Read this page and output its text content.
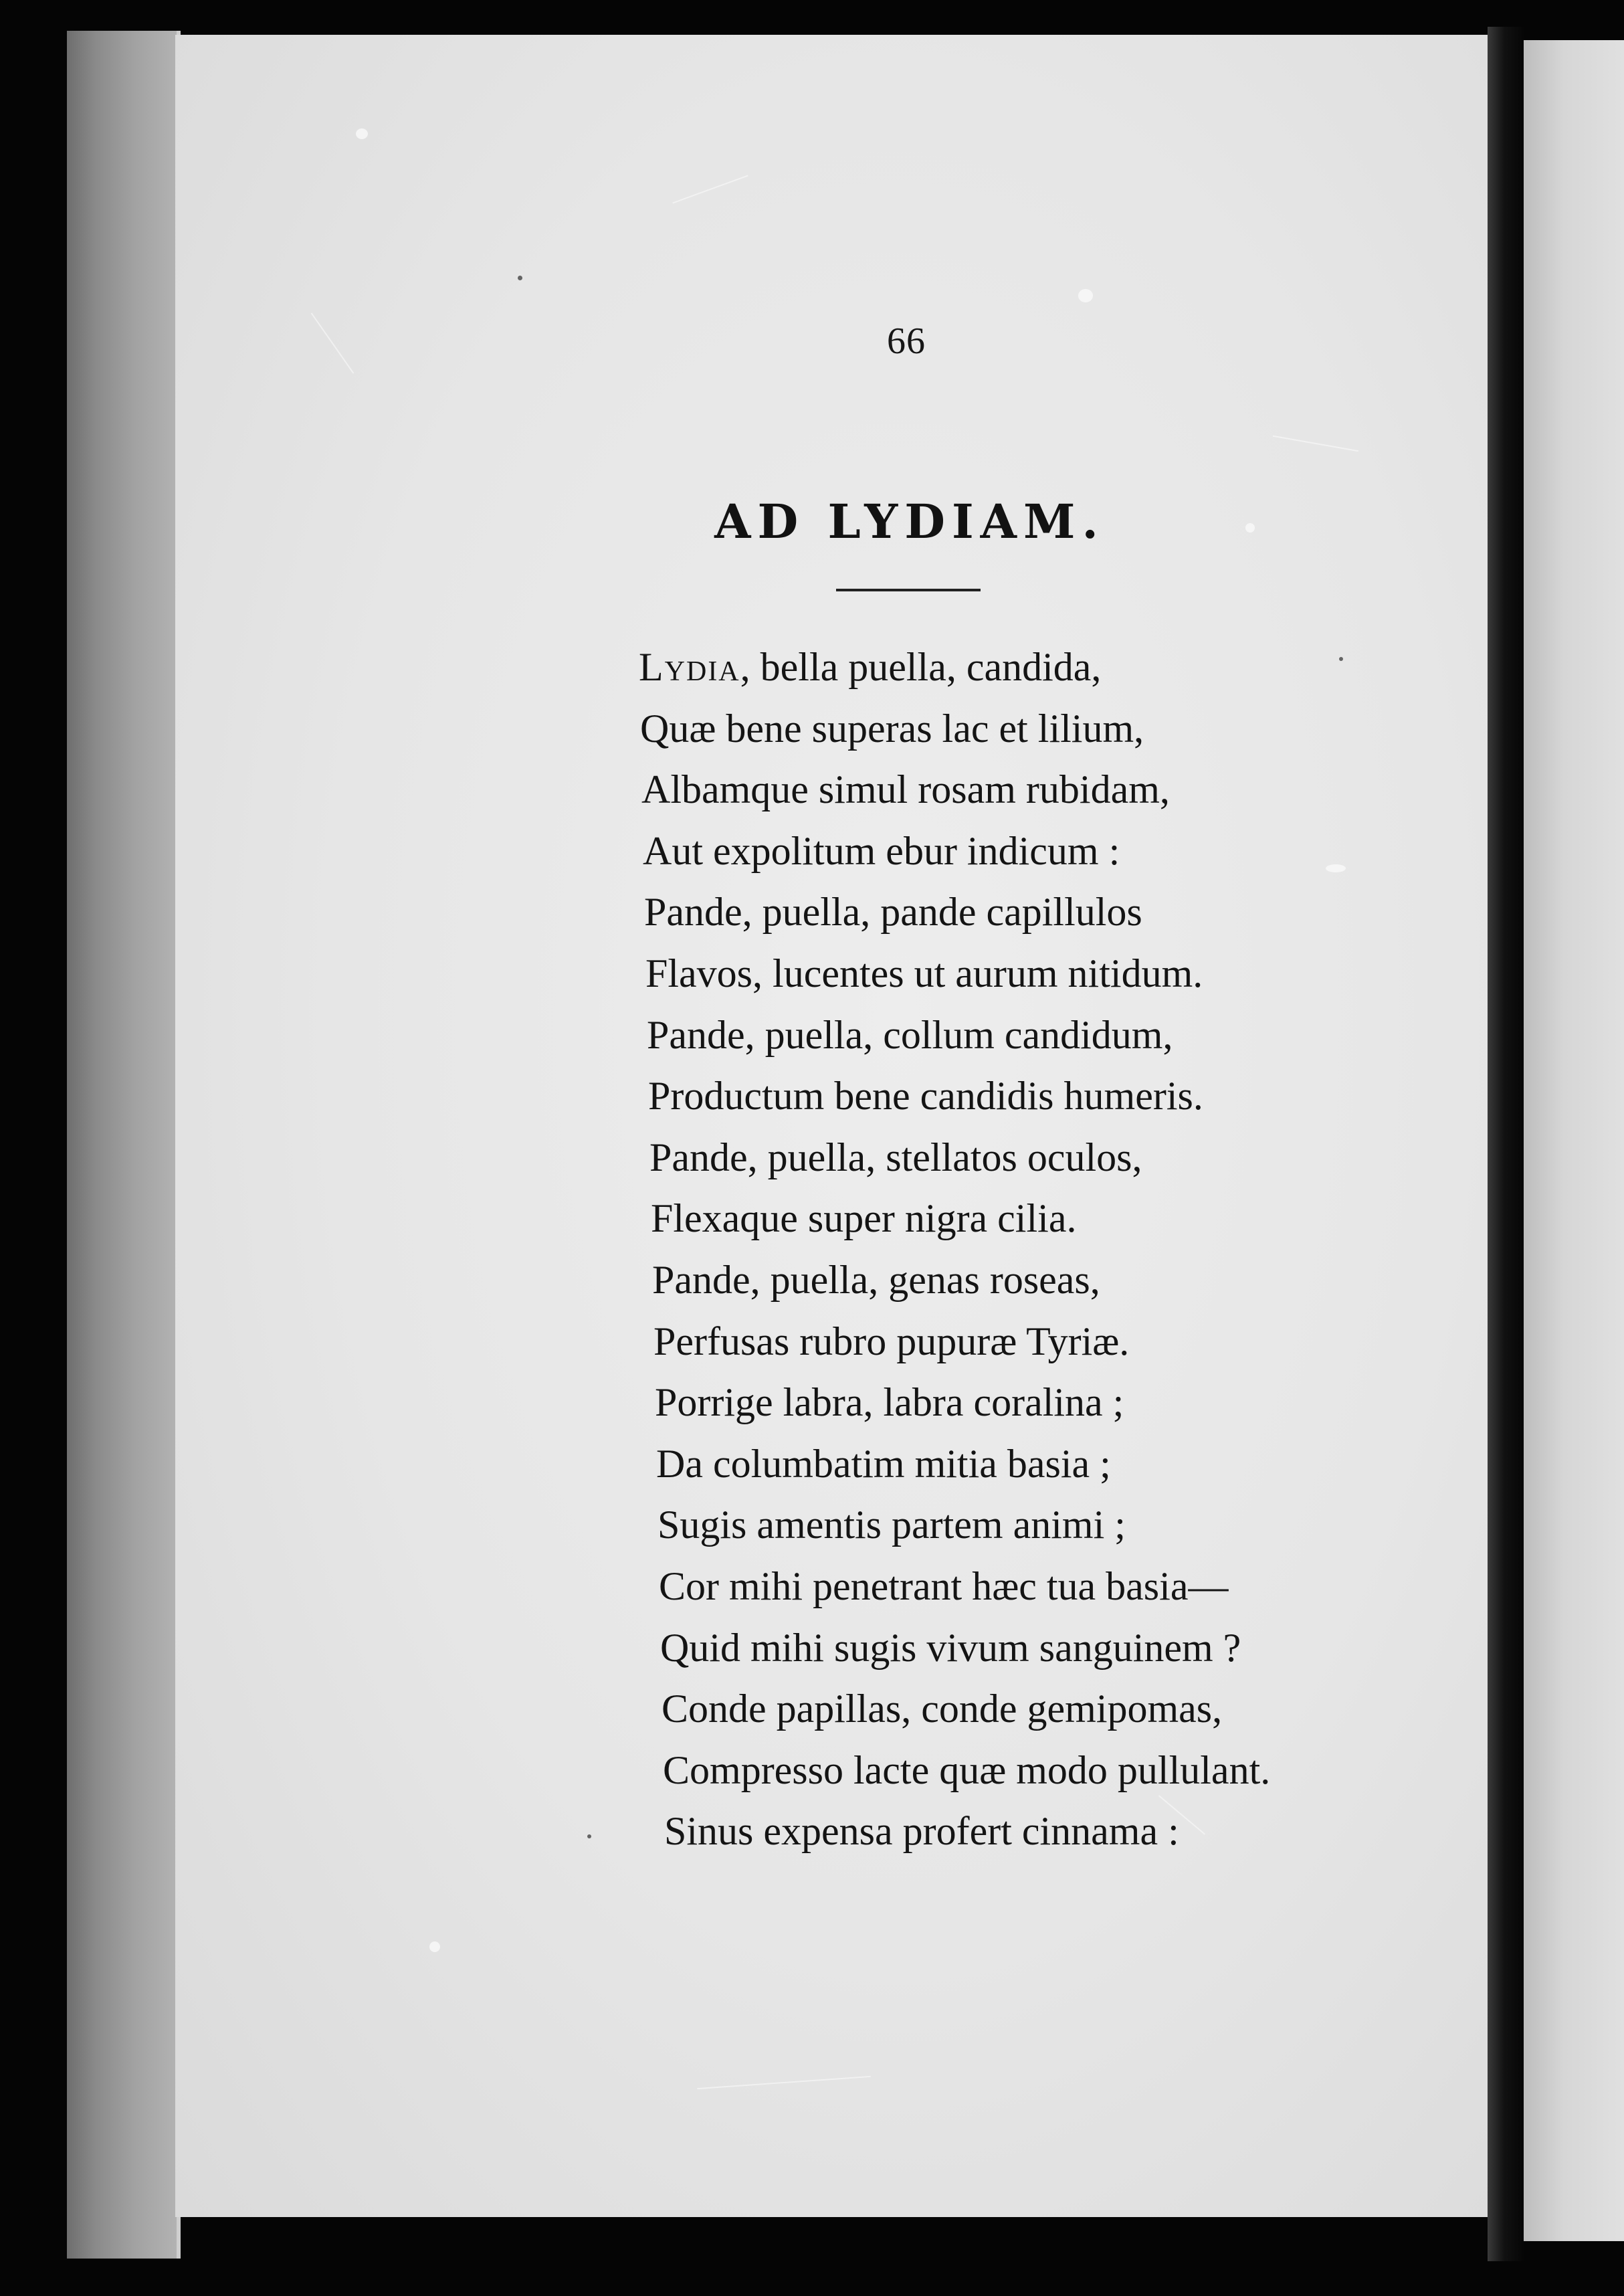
66
AD LYDIAM.
Lydia, bella puella, candida,
Quæ bene superas lac et lilium,
Albamque simul rosam rubidam,
Aut expolitum ebur indicum :
Pande, puella, pande capillulos
Flavos, lucentes ut aurum nitidum.
Pande, puella, collum candidum,
Productum bene candidis humeris.
Pande, puella, stellatos oculos,
Flexaque super nigra cilia.
Pande, puella, genas roseas,
Perfusas rubro pupuræ Tyriæ.
Porrige labra, labra coralina ;
Da columbatim mitia basia ;
Sugis amentis partem animi ;
Cor mihi penetrant hæc tua basia—
Quid mihi sugis vivum sanguinem ?
Conde papillas, conde gemipomas,
Compresso lacte quæ modo pullulant.
Sinus expensa profert cinnama :
